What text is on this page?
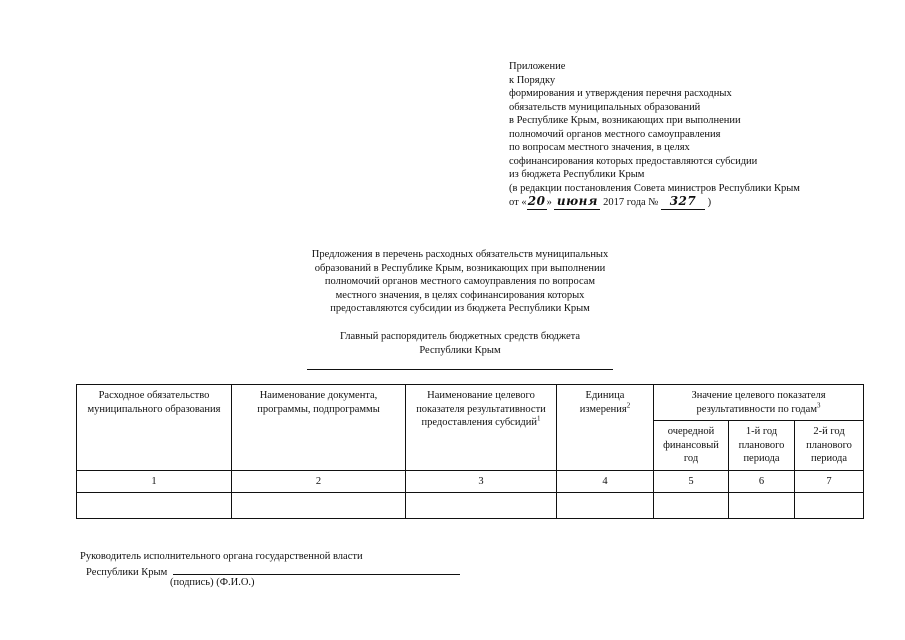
Приложение
к Порядку
формирования и утверждения перечня расходных
обязательств муниципальных образований
в Республике Крым, возникающих при выполнении
полномочий органов местного самоуправления
по вопросам местного значения, в целях
софинансирования которых предоставляются субсидии
из бюджета Республики Крым
(в редакции постановления Совета министров Республики Крым
от «20» июня 2017 года № 327 )
Предложения в перечень расходных обязательств муниципальных
образований в Республике Крым, возникающих при выполнении
полномочий органов местного самоуправления по вопросам
местного значения, в целях софинансирования которых
предоставляются субсидии из бюджета Республики Крым
Главный распорядитель бюджетных средств бюджета
Республики Крым
Расходное обязательство муниципального образования	Наименование документа, программы, подпрограммы	Наименование целевого показателя результативности предоставления субсидий$^1$	Единица измерения$^2$	Значение целевого показателя результативности по годам$^3$
				очередной финансовый год	1-й год планового периода	2-й год планового периода
1	2	3	4	5	6	7

Руководитель исполнительного органа государственной власти
Республики Крым
(подпись) (Ф.И.О.)
